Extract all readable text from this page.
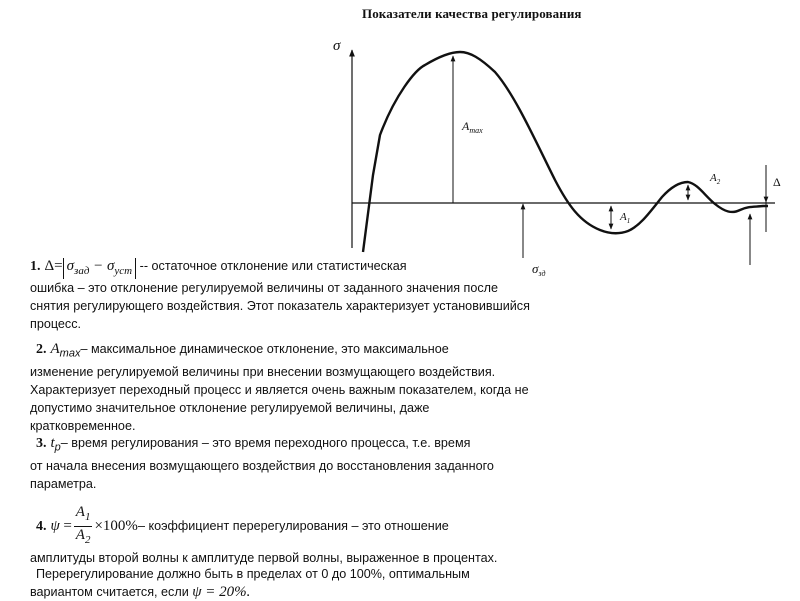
Показатели качества регулирования
σ
$A_{max}$
$A_1$
$A_2$	Δ
$\sigma_{зд}$
1. $\Delta= \sigma_{зад} - \sigma_{уст}$ -- остаточное отклонение или статистическая
ошибка – это отклонение регулируемой величины от заданного значения после снятия регулирующего воздействия. Этот показатель характеризует установившийся процесс.
2. $A_{max}-$ максимальное динамическое отклонение, это максимальное
изменение регулируемой величины при внесении возмущающего воздействия. Характеризует переходный процесс и является очень важным показателем, когда не допустимо значительное отклонение регулируемой величины, даже кратковременное.
3. $t_p-$ время регулирования – это время переходного процесса, т.е. время
от начала внесения возмущающего воздействия до восстановления заданного параметра.
4. $\psi = \frac{A_1}{A_2} \times 100\%-$ коэффициент перерегулирования – это отношение
амплитуды второй волны к амплитуде первой волны, выраженное в процентах.
Перерегулирование должно быть в пределах от 0 до 100%, оптимальным
вариантом считается, если ψ = 20%.
